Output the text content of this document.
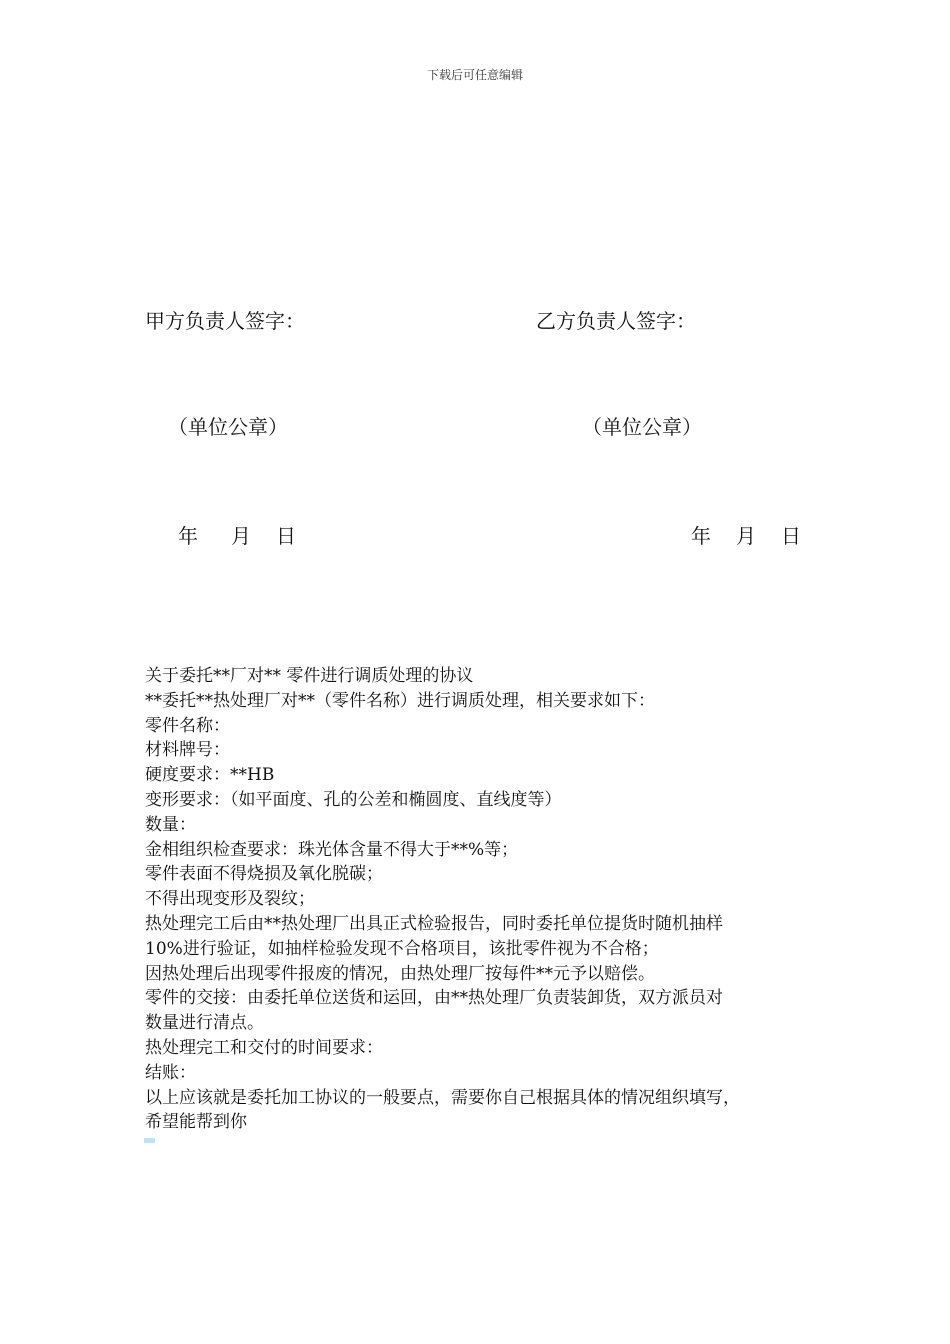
下载后可任意编辑
甲方负责人签字：	乙方负责人签字：
（单位公章）	（单位公章）
年 月 日	年 月 日
关于委托**厂对** 零件进行调质处理的协议
**委托**热处理厂对**（零件名称）进行调质处理，相关要求如下：
零件名称：
材料牌号：
硬度要求：**HB
变形要求：（如平面度、孔的公差和椭圆度、直线度等）
数量：
金相组织检查要求：珠光体含量不得大于**%等；
零件表面不得烧损及氧化脱碳；
不得出现变形及裂纹；
热处理完工后由**热处理厂出具正式检验报告，同时委托单位提货时随机抽样
10%进行验证，如抽样检验发现不合格项目，该批零件视为不合格；
因热处理后出现零件报废的情况，由热处理厂按每件**元予以赔偿。
零件的交接：由委托单位送货和运回，由**热处理厂负责装卸货，双方派员对
数量进行清点。
热处理完工和交付的时间要求：
结账：
以上应该就是委托加工协议的一般要点，需要你自己根据具体的情况组织填写，
希望能帮到你
